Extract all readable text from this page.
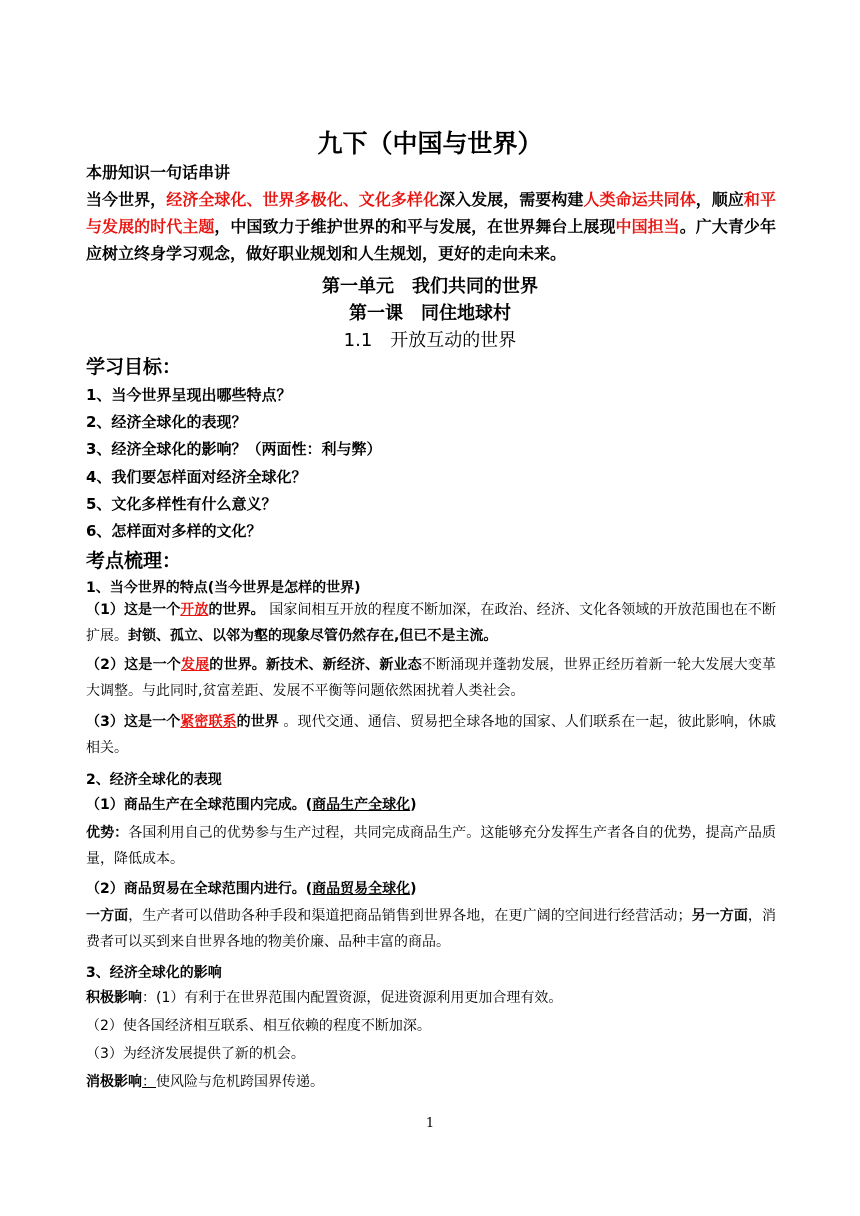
九下（中国与世界）
本册知识一句话串讲
当今世界，经济全球化、世界多极化、文化多样化深入发展，需要构建人类命运共同体，顺应和平与发展的时代主题，中国致力于维护世界的和平与发展，在世界舞台上展现中国担当。广大青少年应树立终身学习观念，做好职业规划和人生规划，更好的走向未来。
第一单元　我们共同的世界
第一课　同住地球村
1.1　开放互动的世界
学习目标：
1、当今世界呈现出哪些特点？
2、经济全球化的表现？
3、经济全球化的影响？（两面性：利与弊）
4、我们要怎样面对经济全球化？
5、文化多样性有什么意义？
6、怎样面对多样的文化？
考点梳理：
1、当今世界的特点(当今世界是怎样的世界)
（1）这是一个开放的世界。 国家间相互开放的程度不断加深，在政治、经济、文化各领域的开放范围也在不断扩展。封锁、孤立、以邻为壑的现象尽管仍然存在,但已不是主流。
（2）这是一个发展的世界。新技术、新经济、新业态不断涌现并蓬勃发展，世界正经历着新一轮大发展大变革大调整。与此同时,贫富差距、发展不平衡等问题依然困扰着人类社会。
（3）这是一个紧密联系的世界 。现代交通、通信、贸易把全球各地的国家、人们联系在一起，彼此影响，休戚相关。
2、经济全球化的表现
（1）商品生产在全球范围内完成。(商品生产全球化)
优势：各国利用自己的优势参与生产过程，共同完成商品生产。这能够充分发挥生产者各自的优势，提高产品质量，降低成本。
（2）商品贸易在全球范围内进行。(商品贸易全球化)
一方面，生产者可以借助各种手段和渠道把商品销售到世界各地，在更广阔的空间进行经营活动；另一方面，消费者可以买到来自世界各地的物美价廉、品种丰富的商品。
3、经济全球化的影响
积极影响：(1）有利于在世界范围内配置资源，促进资源利用更加合理有效。
（2）使各国经济相互联系、相互依赖的程度不断加深。
（3）为经济发展提供了新的机会。
消极影响：使风险与危机跨国界传递。
1
